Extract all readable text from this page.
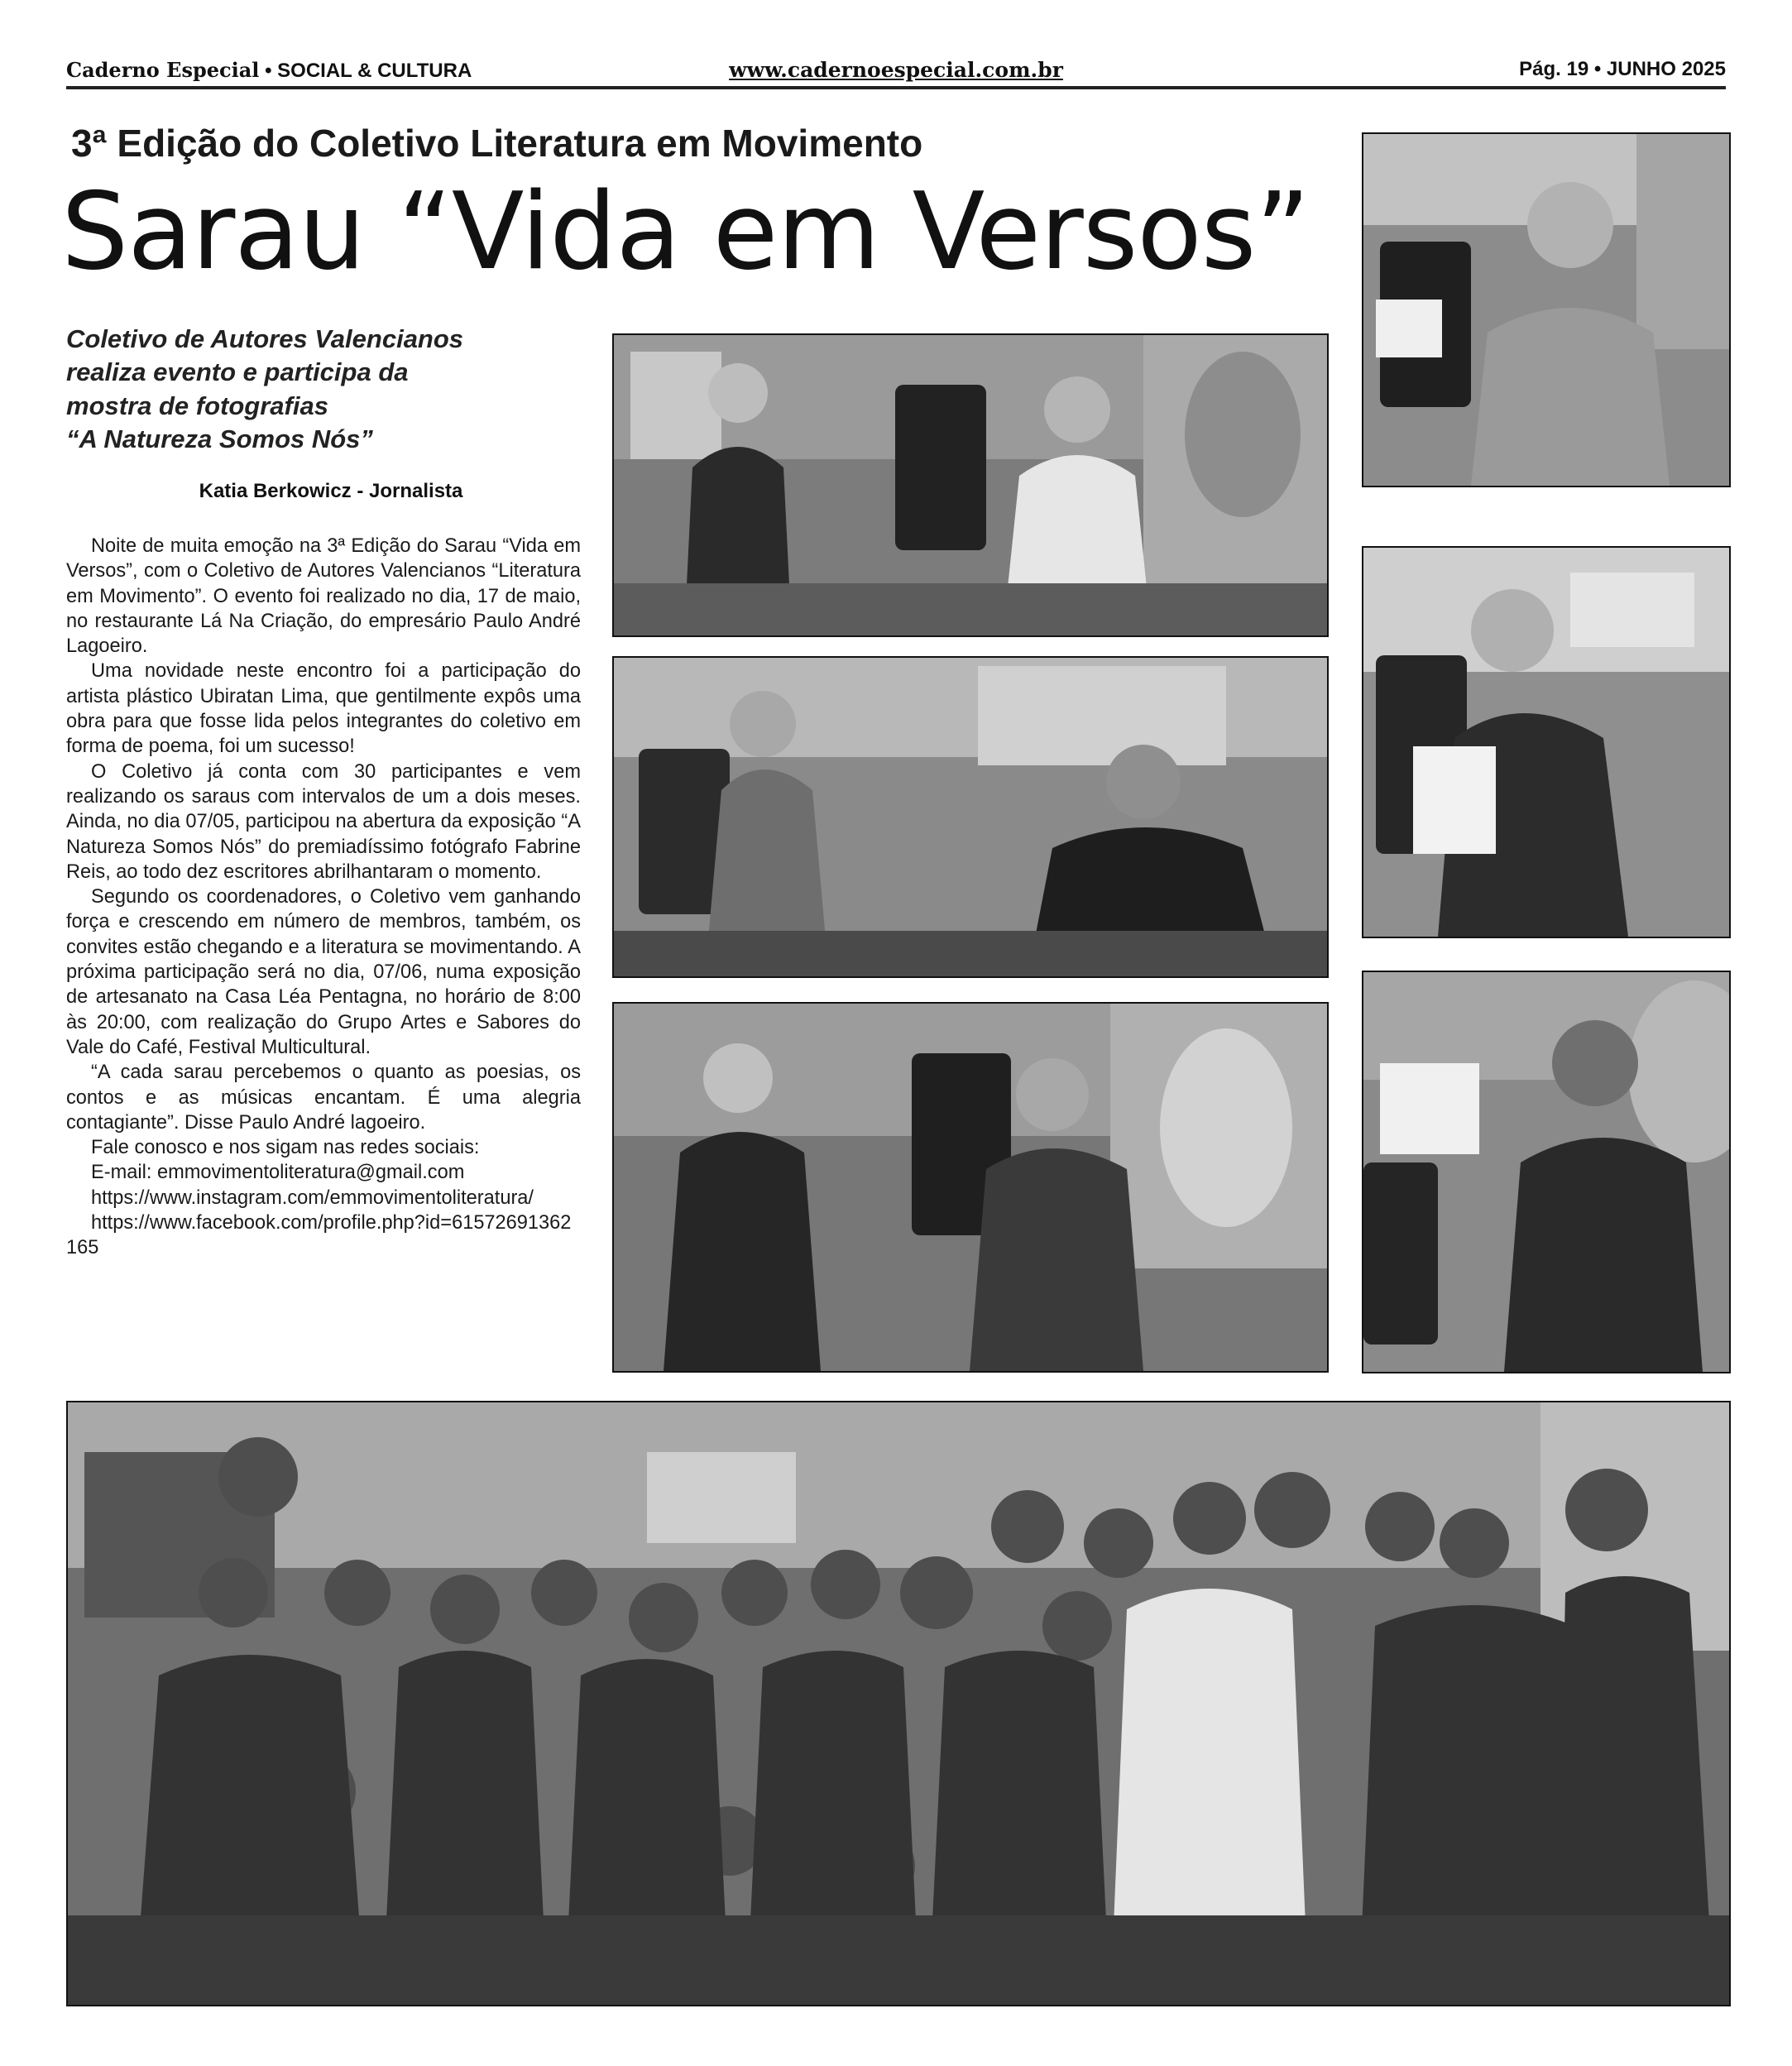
Caderno Especial • SOCIAL & CULTURA	www.cadernoespecial.com.br	Pág. 19 • JUNHO 2025
3ª Edição do Coletivo Literatura em Movimento
Sarau “Vida em Versos”
Coletivo de Autores Valencianos
realiza evento e participa da
mostra de fotografias
“A Natureza Somos Nós”
Katia Berkowicz - Jornalista

Noite de muita emoção na 3ª Edição do Sarau “Vida em Versos”, com o Coletivo de Autores Valencianos “Literatura em Movimento”. O evento foi realizado no dia, 17 de maio, no restaurante Lá Na Criação, do empresário Paulo André Lagoeiro.

Uma novidade neste encontro foi a participação do artista plástico Ubiratan Lima, que gentilmente expôs uma obra para que fosse lida pelos integrantes do coletivo em forma de poema, foi um sucesso!

O Coletivo já conta com 30 participantes e vem realizando os saraus com intervalos de um a dois meses. Ainda, no dia 07/05, participou na abertura da exposição “A Natureza Somos Nós” do premiadíssimo fotógrafo Fabrine Reis, ao todo dez escritores abrilhantaram o momento.

Segundo os coordenadores, o Coletivo vem ganhando força e crescendo em número de membros, também, os convites estão chegando e a literatura se movimentando. A próxima participação será no dia, 07/06, numa exposição de artesanato na Casa Léa Pentagna, no horário de 8:00 às 20:00, com realização do Grupo Artes e Sabores do Vale do Café, Festival Multicultural.

“A cada sarau percebemos o quanto as poesias, os contos e as músicas encantam. É uma alegria contagiante”. Disse Paulo André lagoeiro.

Fale conosco e nos sigam nas redes sociais:

E-mail: emmovimentoliteratura@gmail.com

https://www.instagram.com/emmovimentoliteratura/

https://www.facebook.com/profile.php?id=61572691362165
